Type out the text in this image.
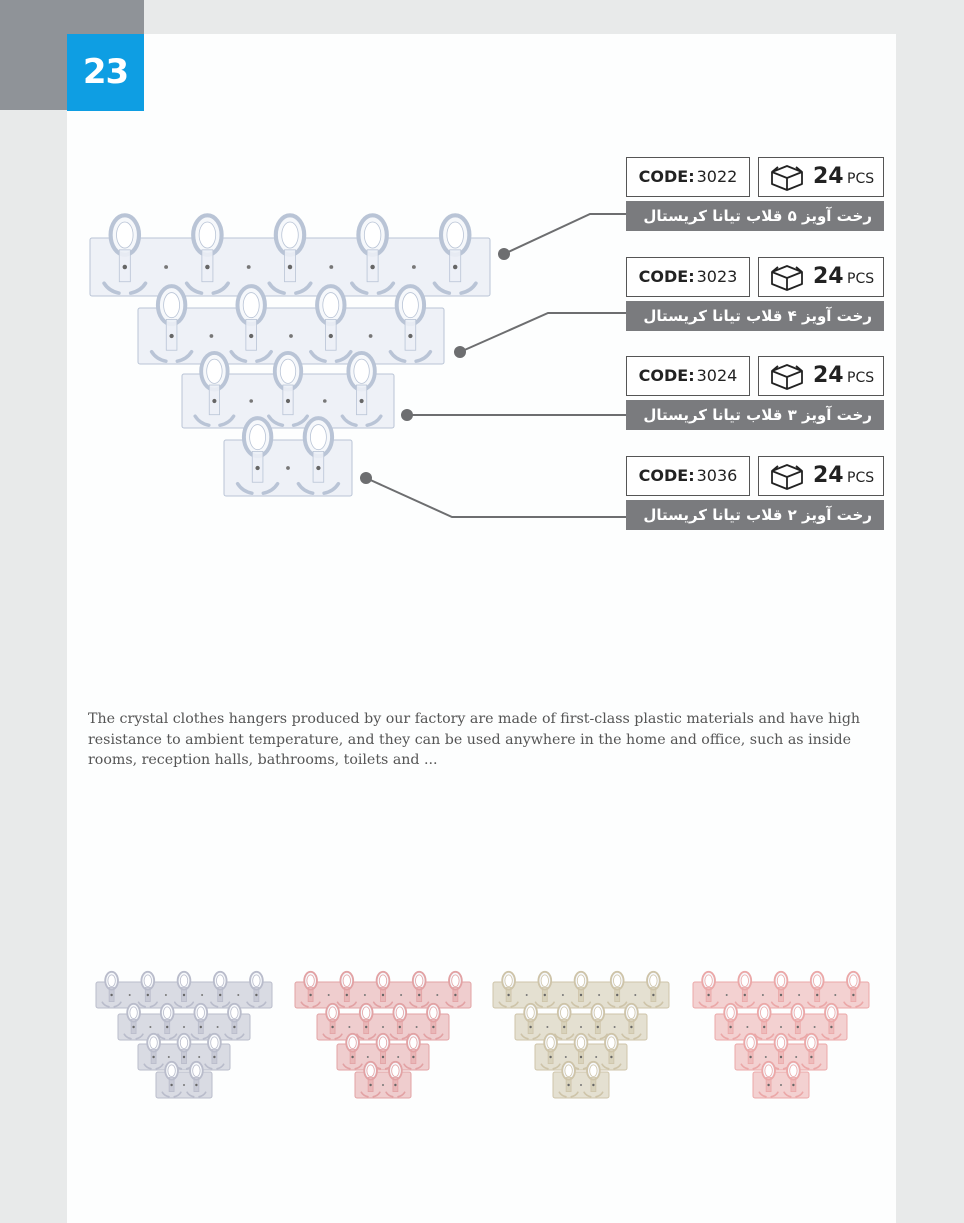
23
CODE: 3022	24 PCS
رخت آویز ۵ قلاب تیانا کریستال
CODE: 3023	24 PCS
رخت آویز ۴ قلاب تیانا کریستال
CODE: 3024	24 PCS
رخت آویز ۳ قلاب تیانا کریستال
CODE: 3036	24 PCS
رخت آویز ۲ قلاب تیانا کریستال

The crystal clothes hangers produced by our factory are made of first-class plastic materials and have high resistance to ambient temperature, and they can be used anywhere in the home and office, such as inside rooms, reception halls, bathrooms, toilets and ...
